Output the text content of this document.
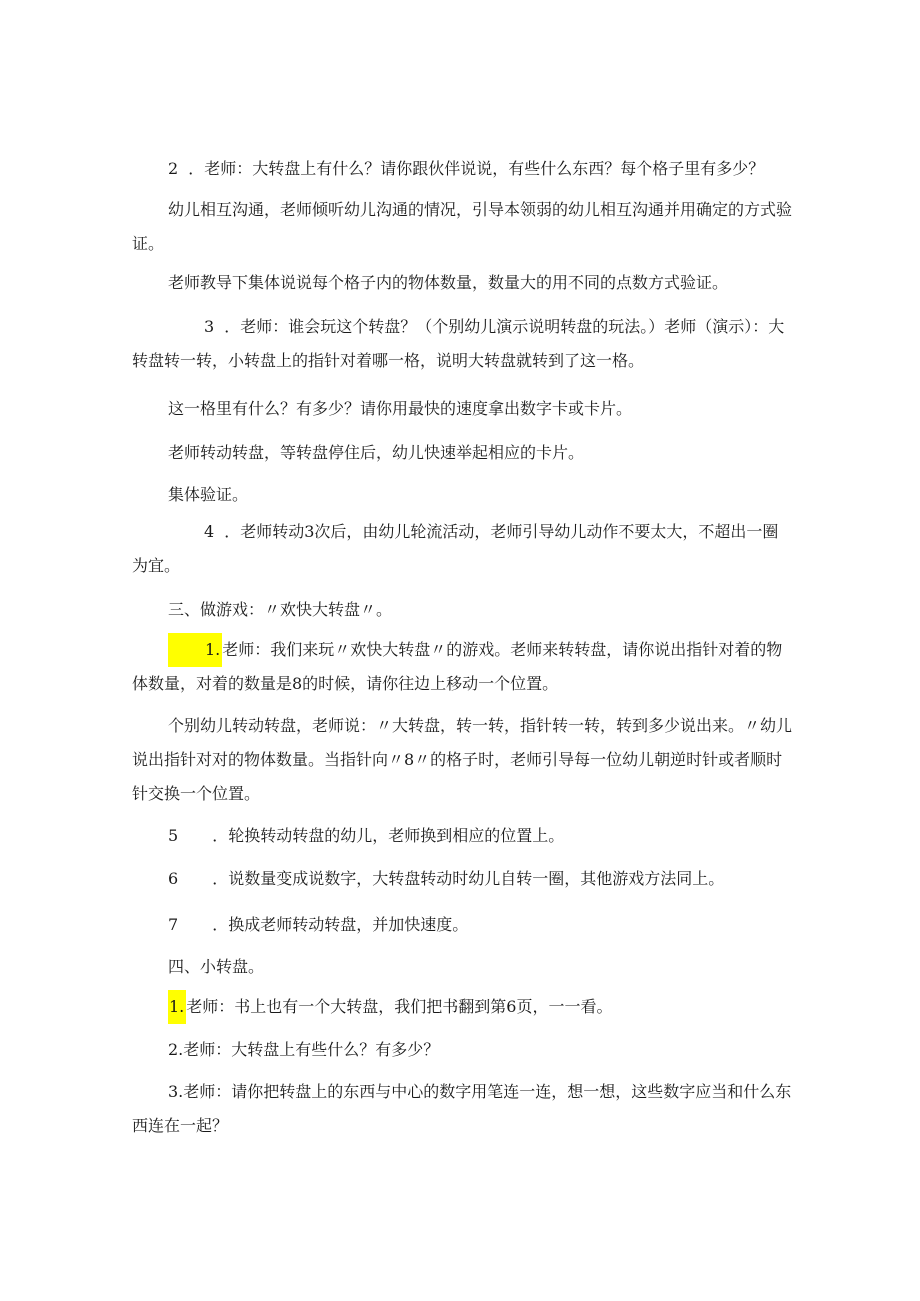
2 ．老师：大转盘上有什么？请你跟伙伴说说，有些什么东西？每个格子里有多少？

幼儿相互沟通，老师倾听幼儿沟通的情况，引导本领弱的幼儿相互沟通并用确定的方式验证。

老师教导下集体说说每个格子内的物体数量，数量大的用不同的点数方式验证。

3 ．老师：谁会玩这个转盘？（个别幼儿演示说明转盘的玩法。）老师（演示）：大转盘转一转，小转盘上的指针对着哪一格，说明大转盘就转到了这一格。

这一格里有什么？有多少？请你用最快的速度拿出数字卡或卡片。

老师转动转盘，等转盘停住后，幼儿快速举起相应的卡片。

集体验证。

4 ．老师转动3次后，由幼儿轮流活动，老师引导幼儿动作不要太大，不超出一圈为宜。

三、做游戏：〃欢快大转盘〃。

1. 老师：我们来玩〃欢快大转盘〃的游戏。老师来转转盘，请你说出指针对着的物体数量，对着的数量是8的时候，请你往边上移动一个位置。

个别幼儿转动转盘，老师说：〃大转盘，转一转，指针转一转，转到多少说出来。〃幼儿说出指针对对的物体数量。当指针向〃8〃的格子时，老师引导每一位幼儿朝逆时针或者顺时针交换一个位置。

5 ．轮换转动转盘的幼儿，老师换到相应的位置上。

6 ．说数量变成说数字，大转盘转动时幼儿自转一圈，其他游戏方法同上。

7 ．换成老师转动转盘，并加快速度。

四、小转盘。

1. 老师：书上也有一个大转盘，我们把书翻到第6页，一一看。

2.老师：大转盘上有些什么？有多少？

3.老师：请你把转盘上的东西与中心的数字用笔连一连，想一想，这些数字应当和什么东西连在一起？
